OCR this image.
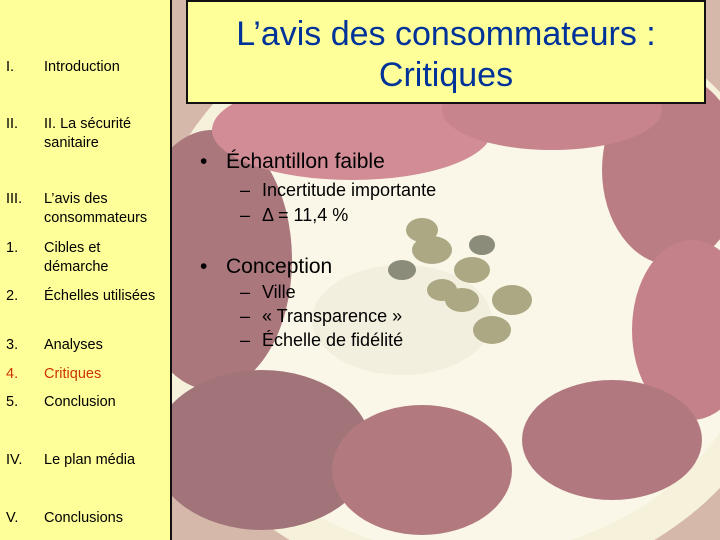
I. Introduction
II. II. La sécurité sanitaire
III. L’avis des consommateurs
1. Cibles et démarche
2. Échelles utilisées
3. Analyses
4. Critiques
5. Conclusion
IV. Le plan média
V. Conclusions
L’avis des consommateurs :
Critiques
• Échantillon faible
– Incertitude importante
– Δ = 11,4 %
• Conception
– Ville
– « Transparence »
– Échelle de fidélité
